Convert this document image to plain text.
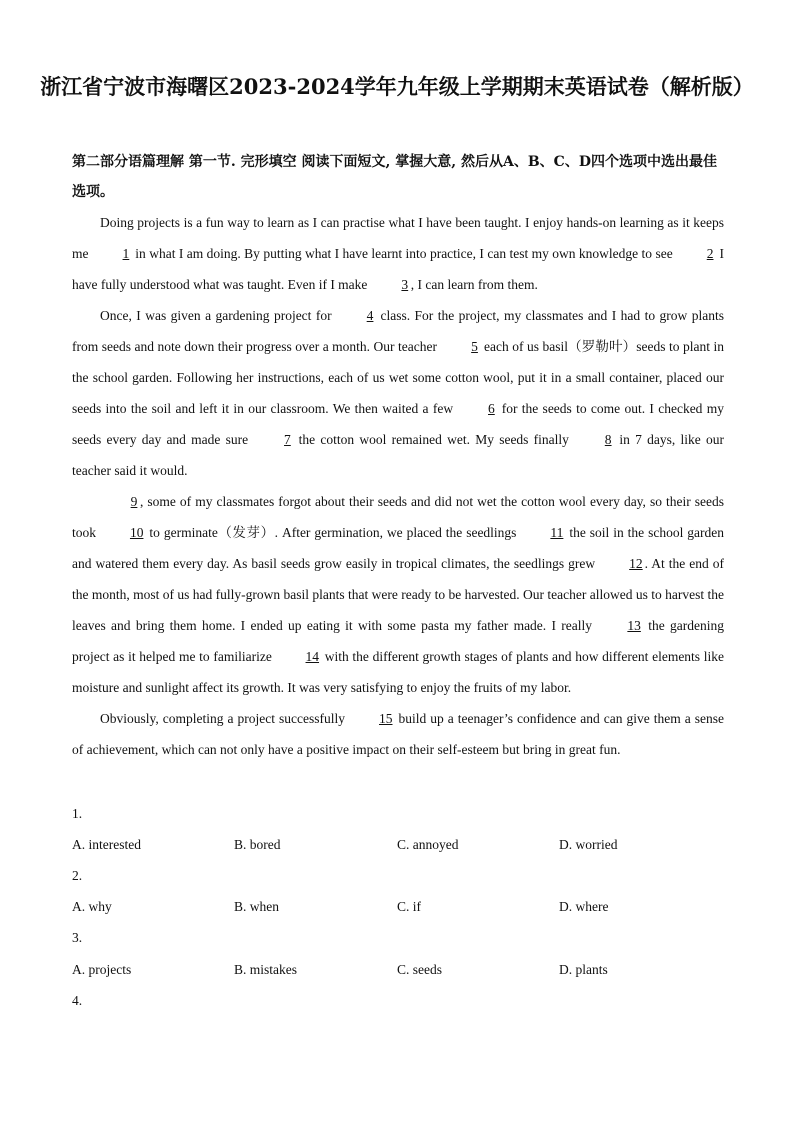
浙江省宁波市海曙区2023-2024学年九年级上学期期末英语试卷（解析版）
第二部分语篇理解 第一节. 完形填空 阅读下面短文, 掌握大意, 然后从A、B、C、D四个选项中选出最佳选项。

Doing projects is a fun way to learn as I can practise what I have been taught. I enjoy hands-on learning as it keeps me 1 in what I am doing. By putting what I have learnt into practice, I can test my own knowledge to see 2 I have fully understood what was taught. Even if I make 3 , I can learn from them.

Once, I was given a gardening project for 4 class. For the project, my classmates and I had to grow plants from seeds and note down their progress over a month. Our teacher 5 each of us basil（罗勒叶）seeds to plant in the school garden. Following her instructions, each of us wet some cotton wool, put it in a small container, placed our seeds into the soil and left it in our classroom. We then waited a few 6 for the seeds to come out. I checked my seeds every day and made sure 7 the cotton wool remained wet. My seeds finally 8 in 7 days, like our teacher said it would.

9 , some of my classmates forgot about their seeds and did not wet the cotton wool every day, so their seeds took 10 to germinate（发芽）. After germination, we placed the seedlings 11 the soil in the school garden and watered them every day. As basil seeds grow easily in tropical climates, the seedlings grew 12 . At the end of the month, most of us had fully-grown basil plants that were ready to be harvested. Our teacher allowed us to harvest the leaves and bring them home. I ended up eating it with some pasta my father made. I really 13 the gardening project as it helped me to familiarize 14 with the different growth stages of plants and how different elements like moisture and sunlight affect its growth. It was very satisfying to enjoy the fruits of my labor.

Obviously, completing a project successfully 15 build up a teenager’s confidence and can give them a sense of achievement, which can not only have a positive impact on their self-esteem but bring in great fun.

1.
A. interested	B. bored	C. annoyed	D. worried
2.
A. why	B. when	C. if	D. where
3.
A. projects	B. mistakes	C. seeds	D. plants
4.
